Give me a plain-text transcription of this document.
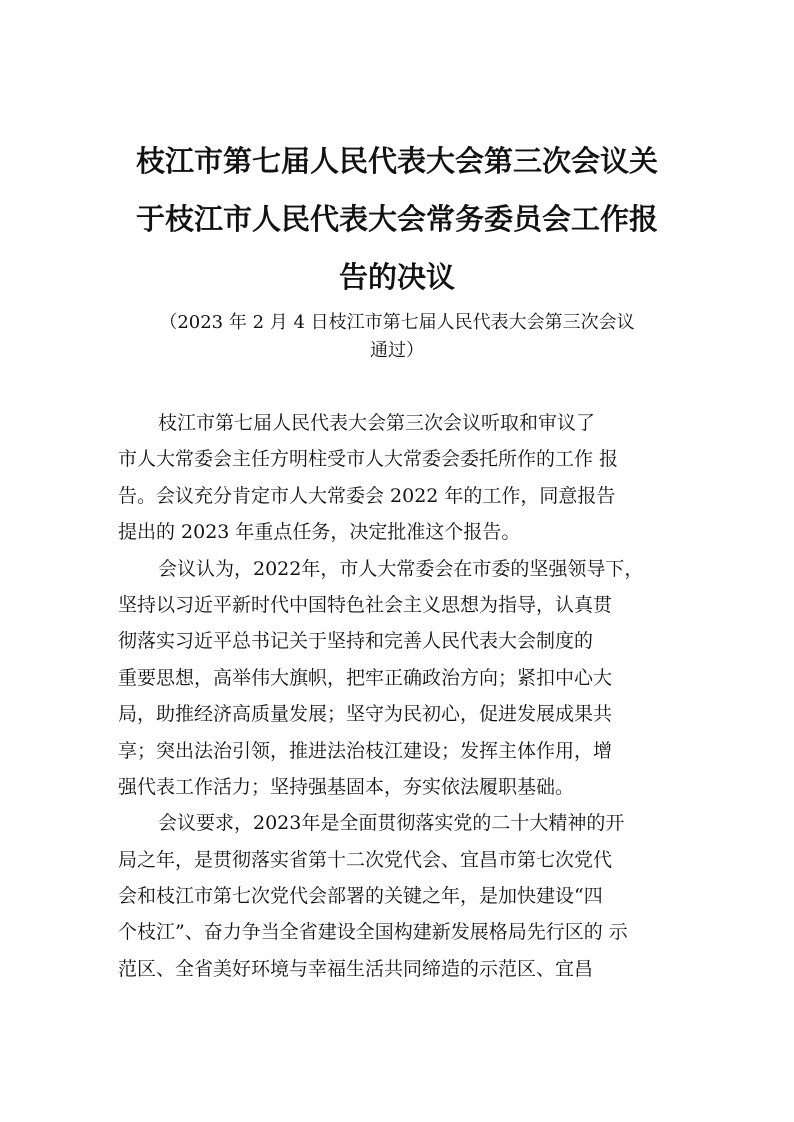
枝江市第七届人民代表大会第三次会议关
于枝江市人民代表大会常务委员会工作报
告的决议
（2023 年 2 月 4 日枝江市第七届人民代表大会第三次会议
通过）
枝江市第七届人民代表大会第三次会议听取和审议了
市人大常委会主任方明柱受市人大常委会委托所作的工作 报
告。会议充分肯定市人大常委会 2022 年的工作，同意报告
提出的 2023 年重点任务，决定批准这个报告。
会议认为，2022年，市人大常委会在市委的坚强领导下，
坚持以习近平新时代中国特色社会主义思想为指导，认真贯
彻落实习近平总书记关于坚持和完善人民代表大会制度的
重要思想，高举伟大旗帜，把牢正确政治方向；紧扣中心大
局，助推经济高质量发展；坚守为民初心，促进发展成果共
享；突出法治引领，推进法治枝江建设；发挥主体作用，增
强代表工作活力；坚持强基固本，夯实依法履职基础。
会议要求，2023年是全面贯彻落实党的二十大精神的开
局之年，是贯彻落实省第十二次党代会、宜昌市第七次党代
会和枝江市第七次党代会部署的关键之年，是加快建设“四
个枝江”、奋力争当全省建设全国构建新发展格局先行区的 示
范区、全省美好环境与幸福生活共同缔造的示范区、宜昌
